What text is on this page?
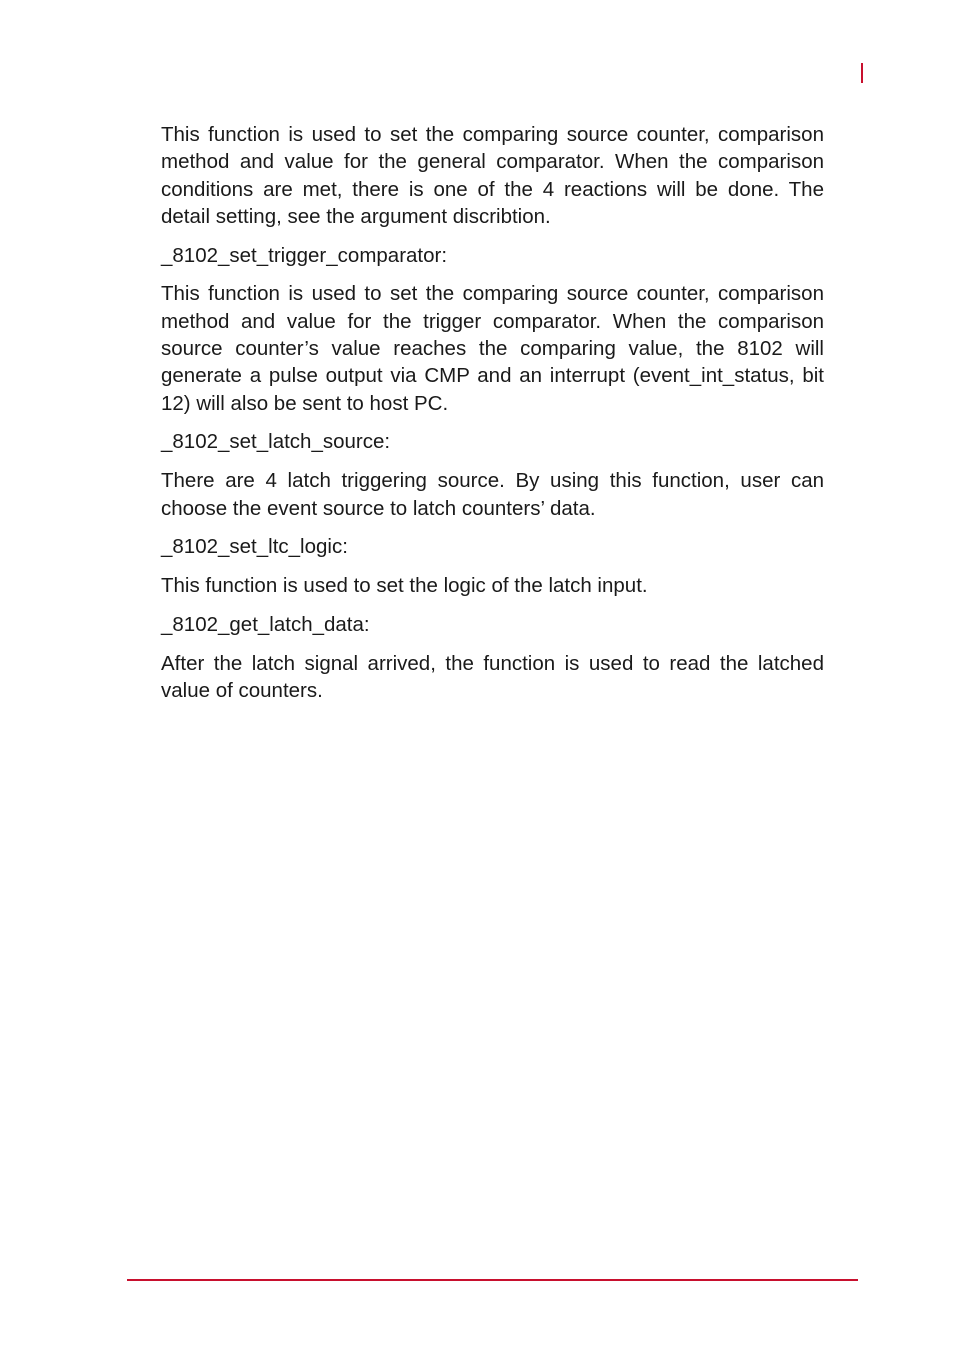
This function is used to set the comparing source counter, comparison method and value for the general comparator. When the comparison conditions are met, there is one of the 4 reactions will be done. The detail setting, see the argument discribtion.

_8102_set_trigger_comparator:

This function is used to set the comparing source counter, comparison method and value for the trigger comparator. When the comparison source counter’s value reaches the comparing value, the 8102 will generate a pulse output via CMP and an interrupt (event_int_status, bit 12) will also be sent to host PC.

_8102_set_latch_source:

There are 4 latch triggering source. By using this function, user can choose the event source to latch counters’ data.

_8102_set_ltc_logic:

This function is used to set the logic of the latch input.

_8102_get_latch_data:

After the latch signal arrived, the function is used to read the latched value of counters.
